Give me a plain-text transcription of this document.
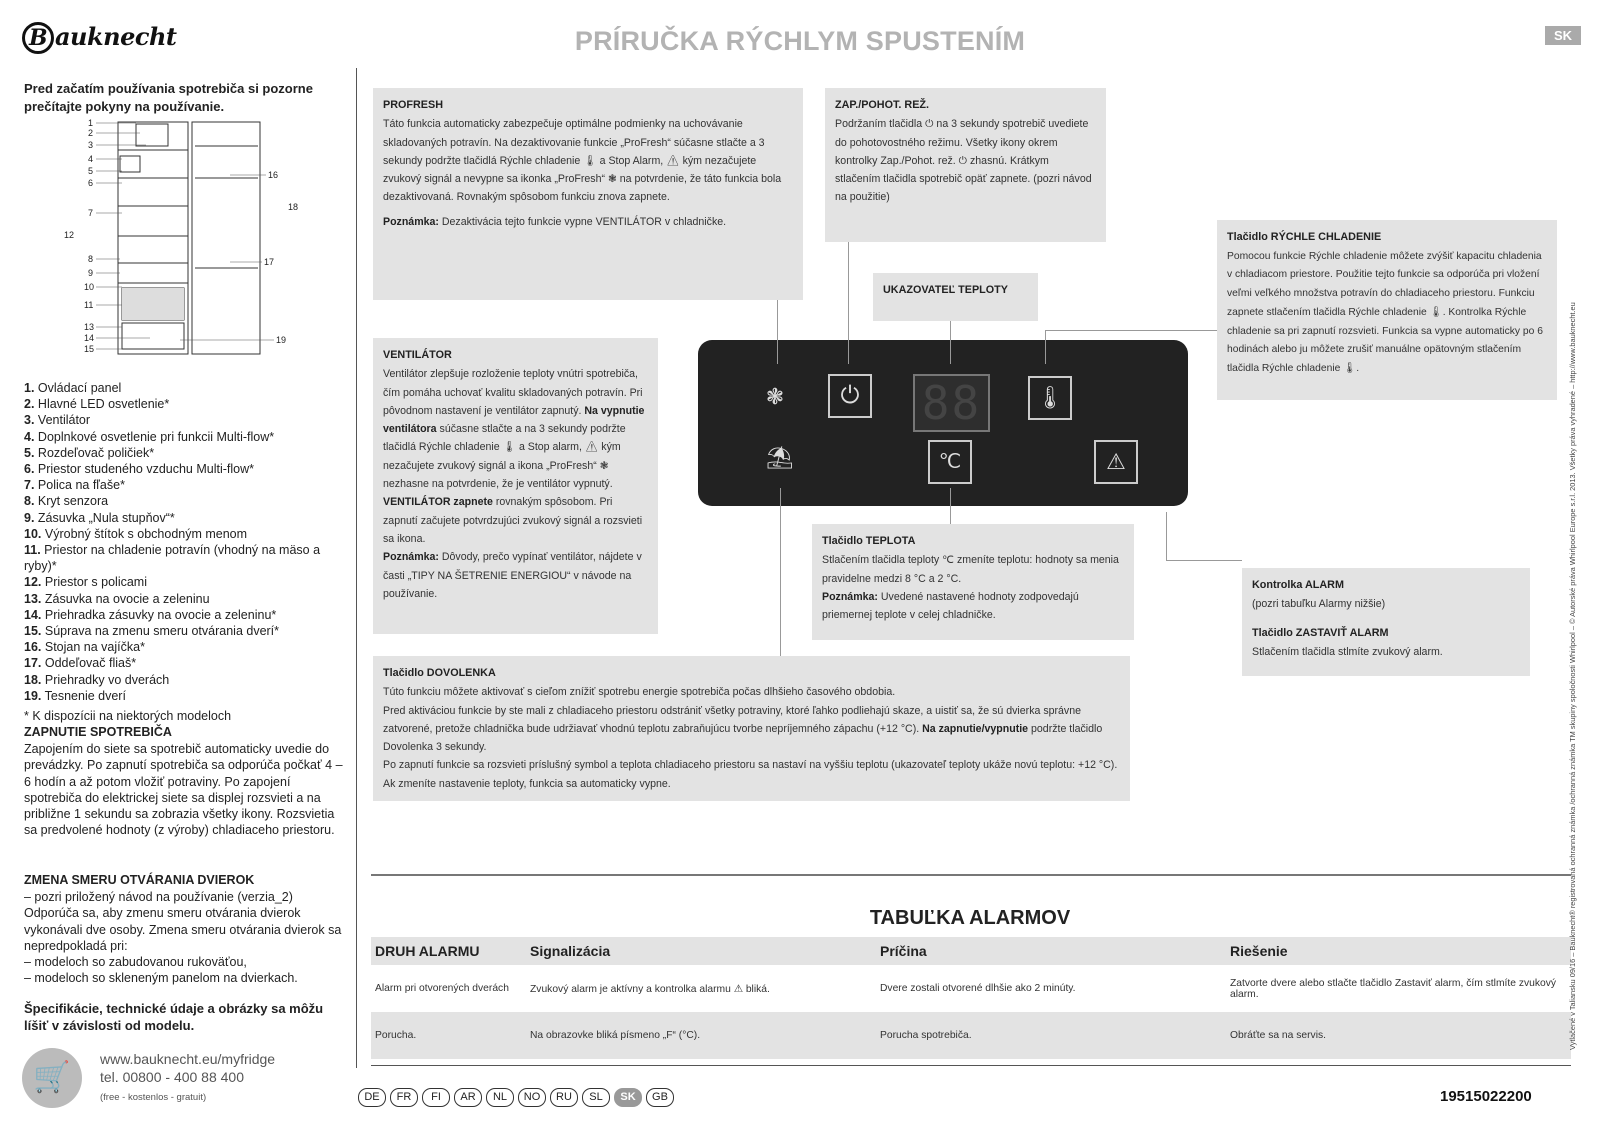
B auknecht	PRÍRUČKA RÝCHLYM SPUSTENÍM	SK
Pred začatím používania spotrebiča si pozorne prečítajte pokyny na používanie.
1
2
3
4
5
6
7
8
9
10
11
12
13
14
15
16
18
17
19
1. Ovládací panel
2. Hlavné LED osvetlenie*
3. Ventilátor
4. Doplnkové osvetlenie pri funkcii Multi-flow*
5. Rozdeľovač poličiek*
6. Priestor studeného vzduchu Multi-flow*
7. Polica na fľaše*
8. Kryt senzora
9. Zásuvka „Nula stupňov“*
10. Výrobný štítok s obchodným menom
11. Priestor na chladenie potravín (vhodný na mäso a ryby)*
12. Priestor s policami
13. Zásuvka na ovocie a zeleninu
14. Priehradka zásuvky na ovocie a zeleninu*
15. Súprava na zmenu smeru otvárania dverí*
16. Stojan na vajíčka*
17. Oddeľovač fliaš*
18. Priehradky vo dverách
19. Tesnenie dverí
* K dispozícii na niektorých modeloch
ZAPNUTIE SPOTREBIČA
Zapojením do siete sa spotrebič automaticky uvedie do prevádzky. Po zapnutí spotrebiča sa odporúča počkať 4 – 6 hodín a až potom vložiť potraviny. Po zapojení spotrebiča do elektrickej siete sa displej rozsvieti a na približne 1 sekundu sa zobrazia všetky ikony. Rozsvietia sa predvolené hodnoty (z výroby) chladiaceho priestoru.
ZMENA SMERU OTVÁRANIA DVIEROK
– pozri priložený návod na používanie (verzia_2)
Odporúča sa, aby zmenu smeru otvárania dvierok vykonávali dve osoby. Zmena smeru otvárania dvierok sa nepredpokladá pri:
– modeloch so zabudovanou rukoväťou,
– modeloch so skleneným panelom na dvierkach.
Špecifikácie, technické údaje a obrázky sa môžu líšiť v závislosti od modelu.
🛒
www.bauknecht.eu/myfridge
tel. 00800 - 400 88 400
(free - kostenlos - gratuit)
PROFRESH
Táto funkcia automaticky zabezpečuje optimálne podmienky na uchovávanie skladovaných potravín. Na dezaktivovanie funkcie „ProFresh“ súčasne stlačte a 3 sekundy podržte tlačidlá Rýchle chladenie 🌡 a Stop Alarm, ⚠ kým nezačujete zvukový signál a nevypne sa ikonka „ProFresh“ ❃ na potvrdenie, že táto funkcia bola dezaktivovaná. Rovnakým spôsobom funkciu znova zapnete.
Poznámka: Dezaktivácia tejto funkcie vypne VENTILÁTOR v chladničke.
ZAP./POHOT. REŽ.
Podržaním tlačidla ⏻ na 3 sekundy spotrebič uvediete do pohotovostného režimu. Všetky ikony okrem kontrolky Zap./Pohot. rež. ⏻ zhasnú. Krátkym stlačením tlačidla spotrebič opäť zapnete. (pozri návod na použitie)
UKAZOVATEĽ TEPLOTY
Tlačidlo RÝCHLE CHLADENIE
Pomocou funkcie Rýchle chladenie môžete zvýšiť kapacitu chladenia v chladiacom priestore. Použitie tejto funkcie sa odporúča pri vložení veľmi veľkého množstva potravín do chladiaceho priestoru. Funkciu zapnete stlačením tlačidla Rýchle chladenie 🌡. Kontrolka Rýchle chladenie sa pri zapnutí rozsvieti. Funkcia sa vypne automaticky po 6 hodinách alebo ju môžete zrušiť manuálne opätovným stlačením tlačidla Rýchle chladenie 🌡.
VENTILÁTOR
Ventilátor zlepšuje rozloženie teploty vnútri spotrebiča, čím pomáha uchovať kvalitu skladovaných potravín. Pri pôvodnom nastavení je ventilátor zapnutý. Na vypnutie ventilátora súčasne stlačte a na 3 sekundy podržte tlačidlá Rýchle chladenie 🌡 a Stop alarm, ⚠ kým nezačujete zvukový signál a ikona „ProFresh“ ❃ nezhasne na potvrdenie, že je ventilátor vypnutý. VENTILÁTOR zapnete rovnakým spôsobom. Pri zapnutí začujete potvrdzujúci zvukový signál a rozsvieti sa ikona.
Poznámka: Dôvody, prečo vypínať ventilátor, nájdete v časti „TIPY NA ŠETRENIE ENERGIOU“ v návode na používanie.
❃	⏻ 88	🌡
⛱	℃	⚠
Tlačidlo TEPLOTA
Stlačením tlačidla teploty ℃ zmeníte teplotu: hodnoty sa menia pravidelne medzi 8 °C a 2 °C.
Poznámka: Uvedené nastavené hodnoty zodpovedajú priemernej teplote v celej chladničke.
Kontrolka ALARM
(pozri tabuľku Alarmy nižšie)
Tlačidlo ZASTAVIŤ ALARM
Stlačením tlačidla stlmíte zvukový alarm.
Tlačidlo DOVOLENKA
Túto funkciu môžete aktivovať s cieľom znížiť spotrebu energie spotrebiča počas dlhšieho časového obdobia.
Pred aktiváciou funkcie by ste mali z chladiaceho priestoru odstrániť všetky potraviny, ktoré ľahko podliehajú skaze, a uistiť sa, že sú dvierka správne zatvorené, pretože chladnička bude udržiavať vhodnú teplotu zabraňujúcu tvorbe nepríjemného zápachu (+12 °C). Na zapnutie/vypnutie podržte tlačidlo Dovolenka 3 sekundy.
Po zapnutí funkcie sa rozsvieti príslušný symbol a teplota chladiaceho priestoru sa nastaví na vyššiu teplotu (ukazovateľ teploty ukáže novú teplotu: +12 °C). Ak zmeníte nastavenie teploty, funkcia sa automaticky vypne.
TABUĽKA ALARMOV
DRUH ALARMU	Signalizácia	Príčina	Riešenie
Alarm pri otvorených dverách	Zvukový alarm je aktívny a kontrolka alarmu ⚠ bliká.	Dvere zostali otvorené dlhšie ako 2 minúty.	Zatvorte dvere alebo stlačte tlačidlo Zastaviť alarm, čím stlmíte zvukový alarm.
Porucha.	Na obrazovke bliká písmeno „F“ (°C).	Porucha spotrebiča.	Obráťte sa na servis.
DE FR FI AR NL NO RU SL SK GB	19515022200
Vytlačené v Taliansku 09/16 – Bauknecht® registrovaná ochranná známka /ochranná známka TM skupiny spoločnosti Whirlpool – © Autorské práva Whirlpool Europe s.r.l. 2013. Všetky práva vyhradené – http://www.bauknecht.eu
